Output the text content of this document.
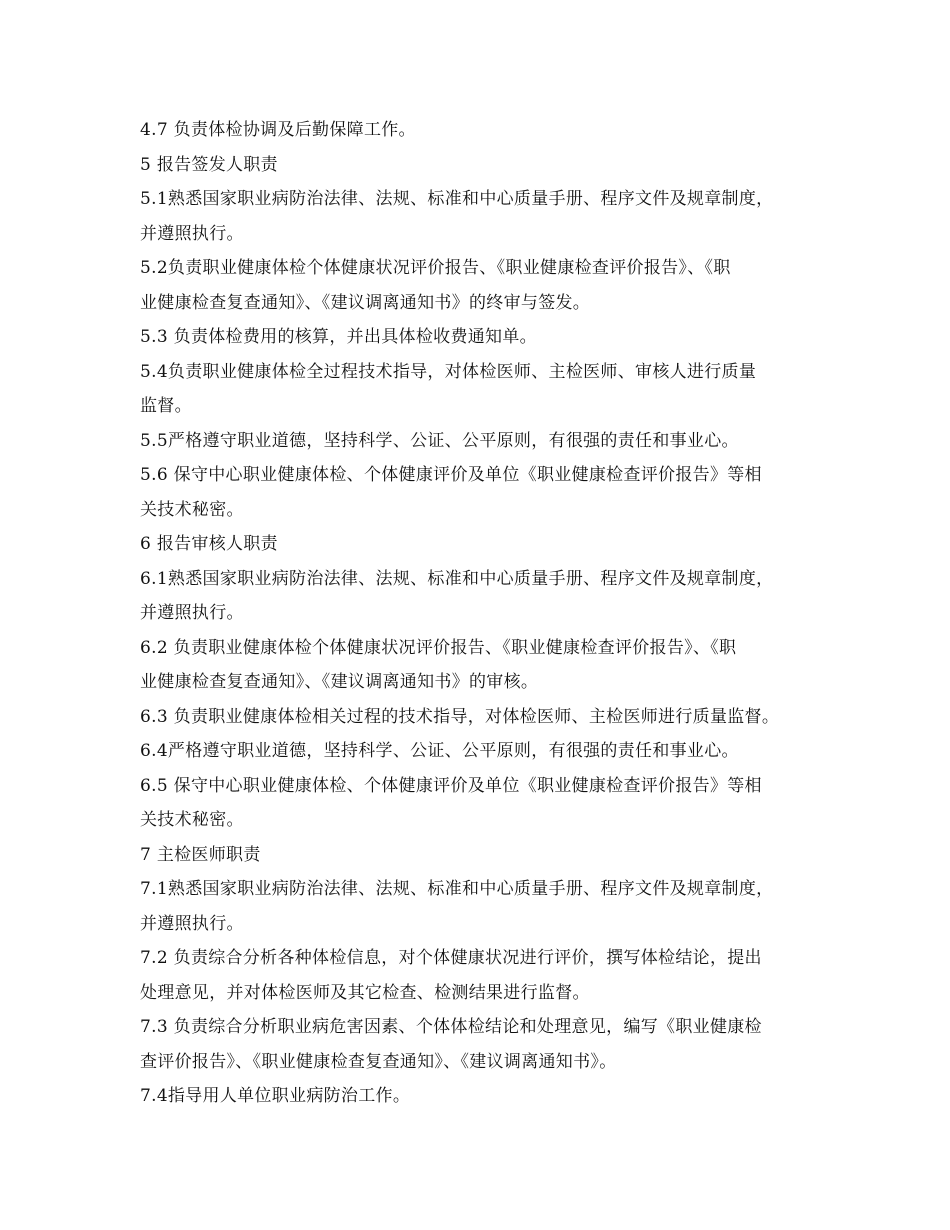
4.7 负责体检协调及后勤保障工作。
5 报告签发人职责
5.1熟悉国家职业病防治法律、法规、标准和中心质量手册、程序文件及规章制度，
并遵照执行。
5.2负责职业健康体检个体健康状况评价报告、《职业健康检查评价报告》、《职
业健康检查复查通知》、《建议调离通知书》的终审与签发。
5.3 负责体检费用的核算，并出具体检收费通知单。
5.4负责职业健康体检全过程技术指导，对体检医师、主检医师、审核人进行质量
监督。
5.5严格遵守职业道德，坚持科学、公证、公平原则，有很强的责任和事业心。
5.6 保守中心职业健康体检、个体健康评价及单位《职业健康检查评价报告》等相
关技术秘密。
6 报告审核人职责
6.1熟悉国家职业病防治法律、法规、标准和中心质量手册、程序文件及规章制度，
并遵照执行。
6.2 负责职业健康体检个体健康状况评价报告、《职业健康检查评价报告》、《职
业健康检查复查通知》、《建议调离通知书》的审核。
6.3 负责职业健康体检相关过程的技术指导，对体检医师、主检医师进行质量监督。
6.4严格遵守职业道德，坚持科学、公证、公平原则，有很强的责任和事业心。
6.5 保守中心职业健康体检、个体健康评价及单位《职业健康检查评价报告》等相
关技术秘密。
7 主检医师职责
7.1熟悉国家职业病防治法律、法规、标准和中心质量手册、程序文件及规章制度，
并遵照执行。
7.2 负责综合分析各种体检信息，对个体健康状况进行评价，撰写体检结论，提出
处理意见，并对体检医师及其它检查、检测结果进行监督。
7.3 负责综合分析职业病危害因素、个体体检结论和处理意见，编写《职业健康检
查评价报告》、《职业健康检查复查通知》、《建议调离通知书》。
7.4指导用人单位职业病防治工作。
